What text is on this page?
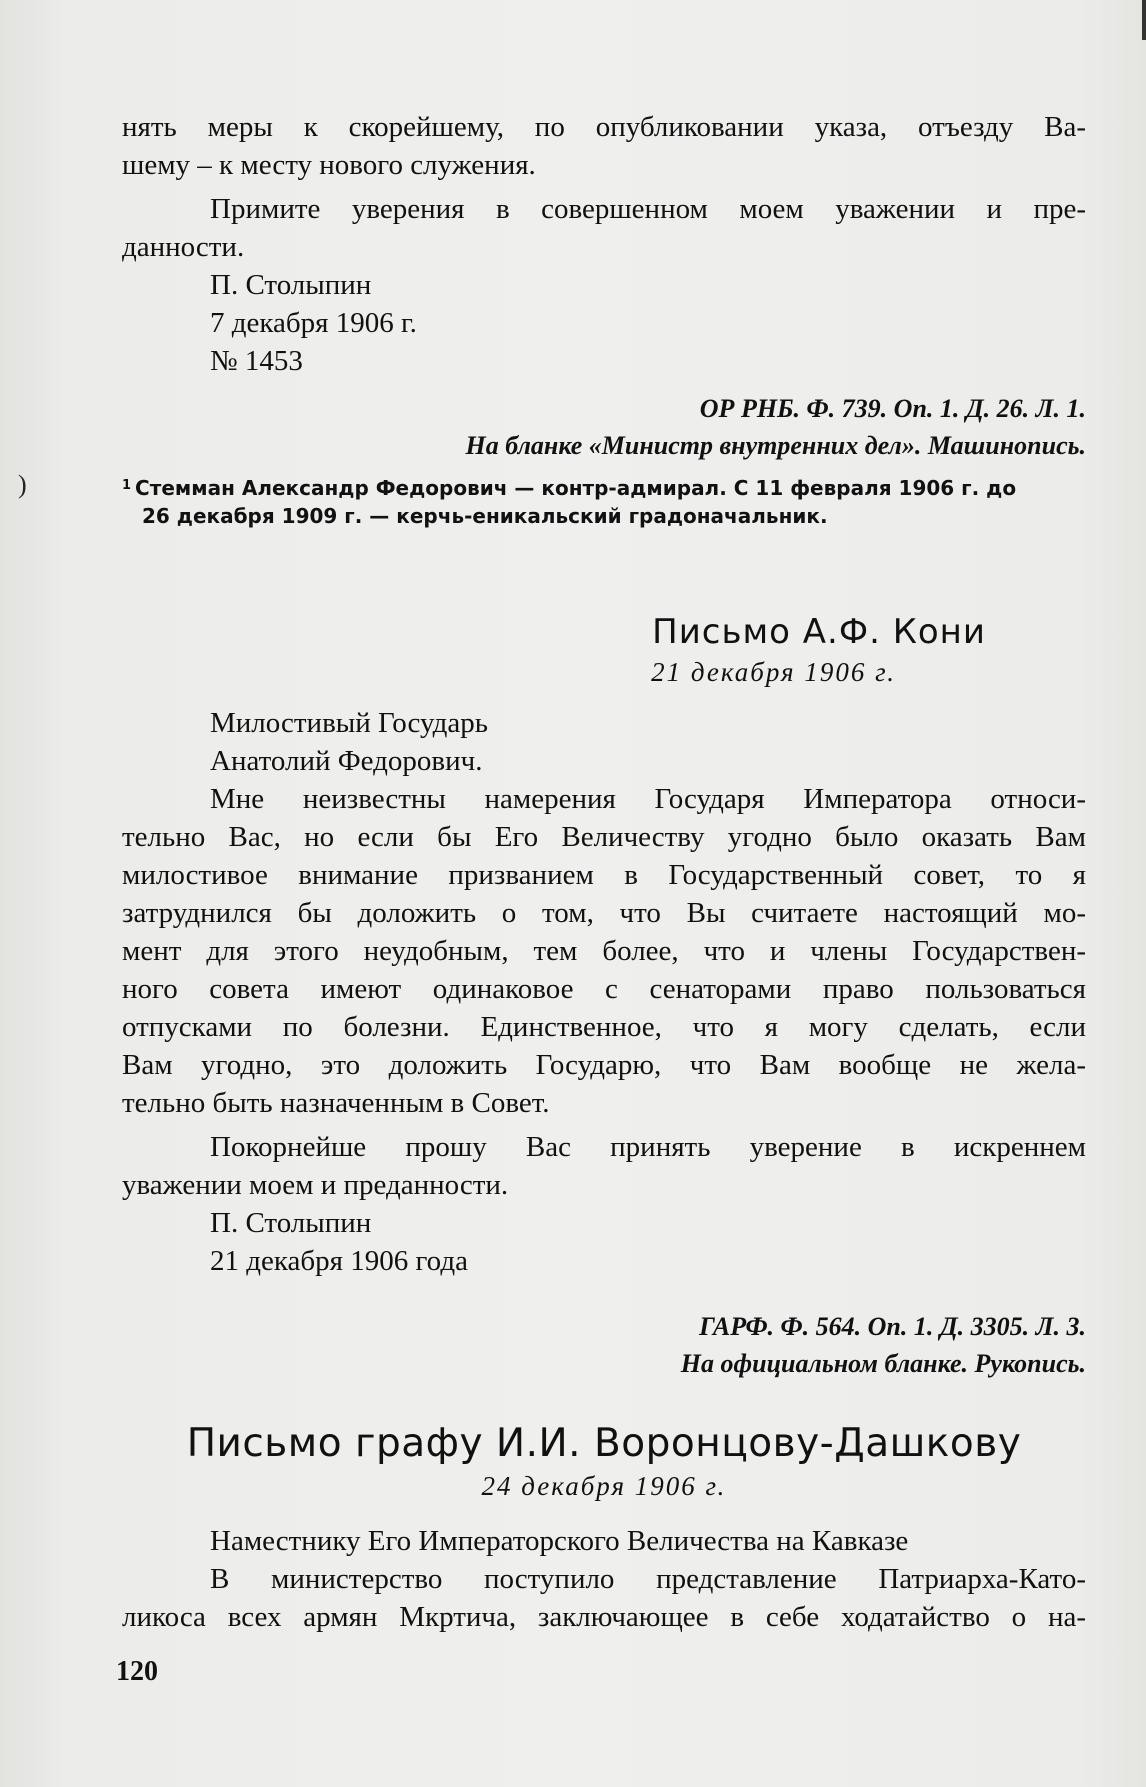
)

нять меры к скорейшему, по опубликовании указа, отъезду Ва-

шему – к месту нового служения.

Примите уверения в совершенном моем уважении и пре-

данности.

П. Столыпин

7 декабря 1906 г.

№ 1453

ОР РНБ. Ф. 739. Оп. 1. Д. 26. Л. 1.

На бланке «Министр внутренних дел». Машинопись.

$^1$ Стемман Александр Федорович — контр-адмирал. С 11 февраля 1906 г. до
26 декабря 1909 г. — керчь-еникальский градоначальник.
Письмо А.Ф. Кони
21 декабря 1906 г.

Милостивый Государь

Анатолий Федорович.

Мне неизвестны намерения Государя Императора относи-

тельно Вас, но если бы Его Величеству угодно было оказать Вам

милостивое внимание призванием в Государственный совет, то я

затруднился бы доложить о том, что Вы считаете настоящий мо-

мент для этого неудобным, тем более, что и члены Государствен-

ного совета имеют одинаковое с сенаторами право пользоваться

отпусками по болезни. Единственное, что я могу сделать, если

Вам угодно, это доложить Государю, что Вам вообще не жела-

тельно быть назначенным в Совет.

Покорнейше прошу Вас принять уверение в искреннем

уважении моем и преданности.

П. Столыпин

21 декабря 1906 года

ГАРФ. Ф. 564. Оп. 1. Д. 3305. Л. 3.

На официальном бланке. Рукопись.

Письмо графу И.И. Воронцову-Дашкову
24 декабря 1906 г.

Наместнику Его Императорского Величества на Кавказе

В министерство поступило представление Патриарха-Като-

ликоса всех армян Мкртича, заключающее в себе ходатайство о на-

120
